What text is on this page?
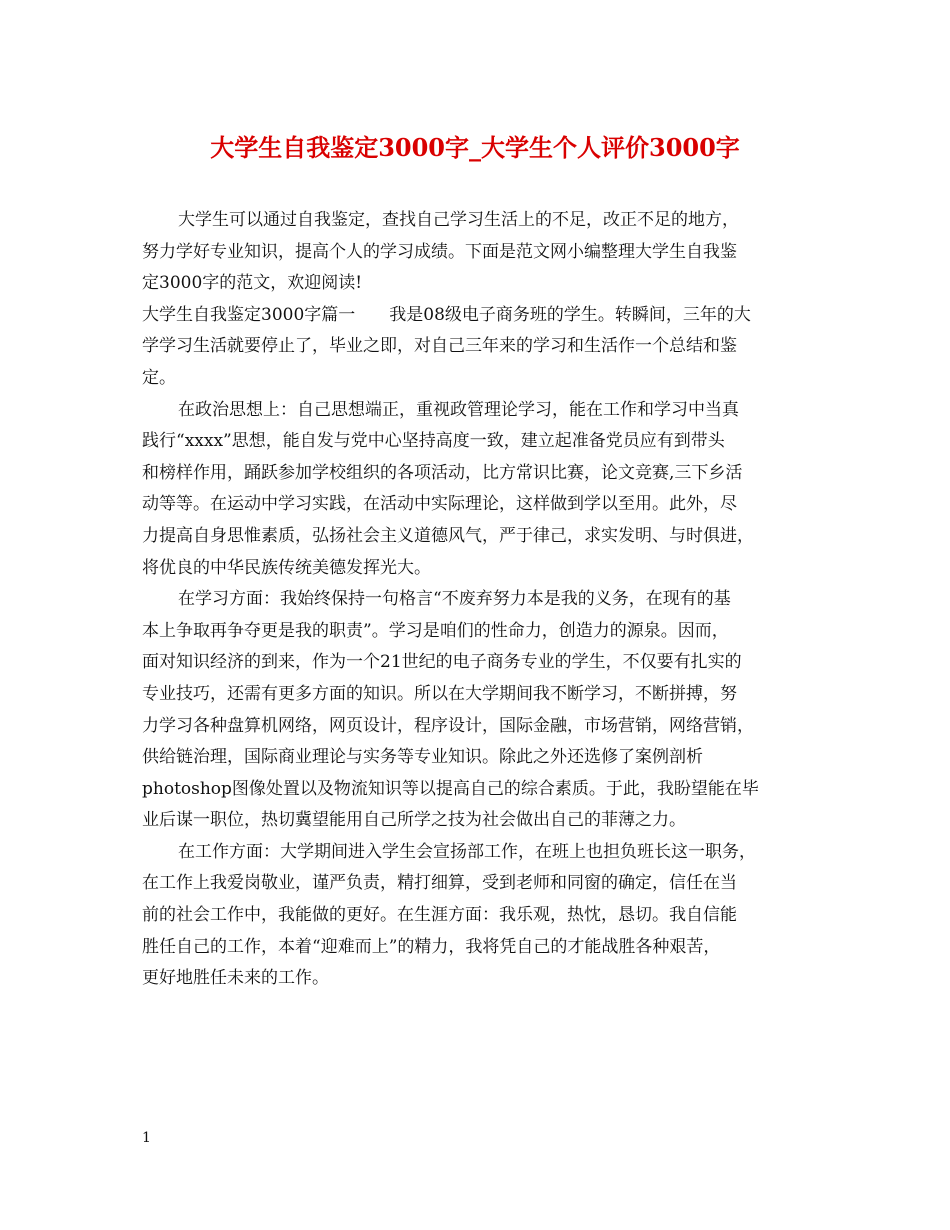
大学生自我鉴定3000字_大学生个人评价3000字
大学生可以通过自我鉴定，查找自己学习生活上的不足，改正不足的地方，
努力学好专业知识，提高个人的学习成绩。下面是范文网小编整理大学生自我鉴
定3000字的范文，欢迎阅读!
大学生自我鉴定3000字篇一　　我是08级电子商务班的学生。转瞬间，三年的大
学学习生活就要停止了，毕业之即，对自己三年来的学习和生活作一个总结和鉴
定。
在政治思想上：自己思想端正，重视政管理论学习，能在工作和学习中当真
践行“xxxx”思想，能自发与党中心坚持高度一致，建立起准备党员应有到带头
和榜样作用，踊跃参加学校组织的各项活动，比方常识比赛，论文竞赛,三下乡活
动等等。在运动中学习实践，在活动中实际理论，这样做到学以至用。此外，尽
力提高自身思惟素质，弘扬社会主义道德风气，严于律己，求实发明、与时俱进，
将优良的中华民族传统美德发挥光大。
在学习方面：我始终保持一句格言“不废弃努力本是我的义务，在现有的基
本上争取再争夺更是我的职责”。学习是咱们的性命力，创造力的源泉。因而，
面对知识经济的到来，作为一个21世纪的电子商务专业的学生，不仅要有扎实的
专业技巧，还需有更多方面的知识。所以在大学期间我不断学习，不断拼搏，努
力学习各种盘算机网络，网页设计，程序设计，国际金融，市场营销，网络营销，
供给链治理，国际商业理论与实务等专业知识。除此之外还选修了案例剖析
photoshop图像处置以及物流知识等以提高自己的综合素质。于此，我盼望能在毕
业后谋一职位，热切冀望能用自己所学之技为社会做出自己的菲薄之力。
在工作方面：大学期间进入学生会宣扬部工作，在班上也担负班长这一职务，
在工作上我爱岗敬业，谨严负责，精打细算，受到老师和同窗的确定，信任在当
前的社会工作中，我能做的更好。在生涯方面：我乐观，热忱，恳切。我自信能
胜任自己的工作，本着“迎难而上”的精力，我将凭自己的才能战胜各种艰苦，
更好地胜任未来的工作。
1
